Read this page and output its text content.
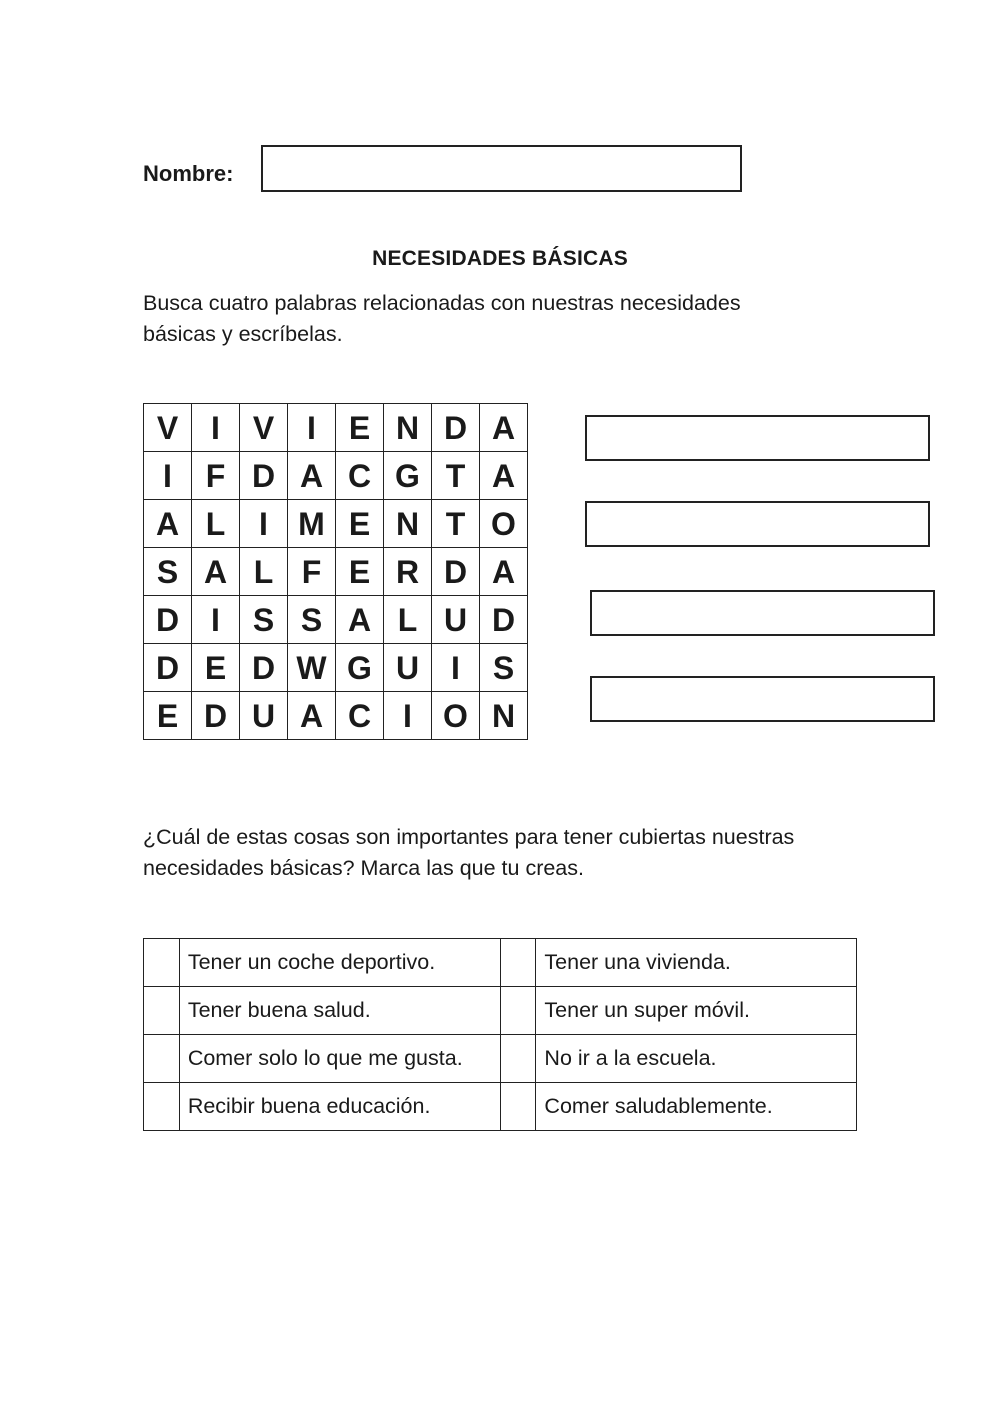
Nombre:
NECESIDADES BÁSICAS
Busca cuatro palabras relacionadas con nuestras necesidades
básicas y escríbelas.
V	I	V	I	E	N	D	A
I	F	D	A	C	G	T	A
A	L	I	M	E	N	T	O
S	A	L	F	E	R	D	A
D	I	S	S	A	L	U	D
D	E	D	W	G	U	I	S
E	D	U	A	C	I	O	N
¿Cuál de estas cosas son importantes para tener cubiertas nuestras
necesidades básicas? Marca las que tu creas.
	Tener un coche deportivo.		Tener una vivienda.
	Tener buena salud.		Tener un super móvil.
	Comer solo lo que me gusta.		No ir a la escuela.
	Recibir buena educación.		Comer saludablemente.
